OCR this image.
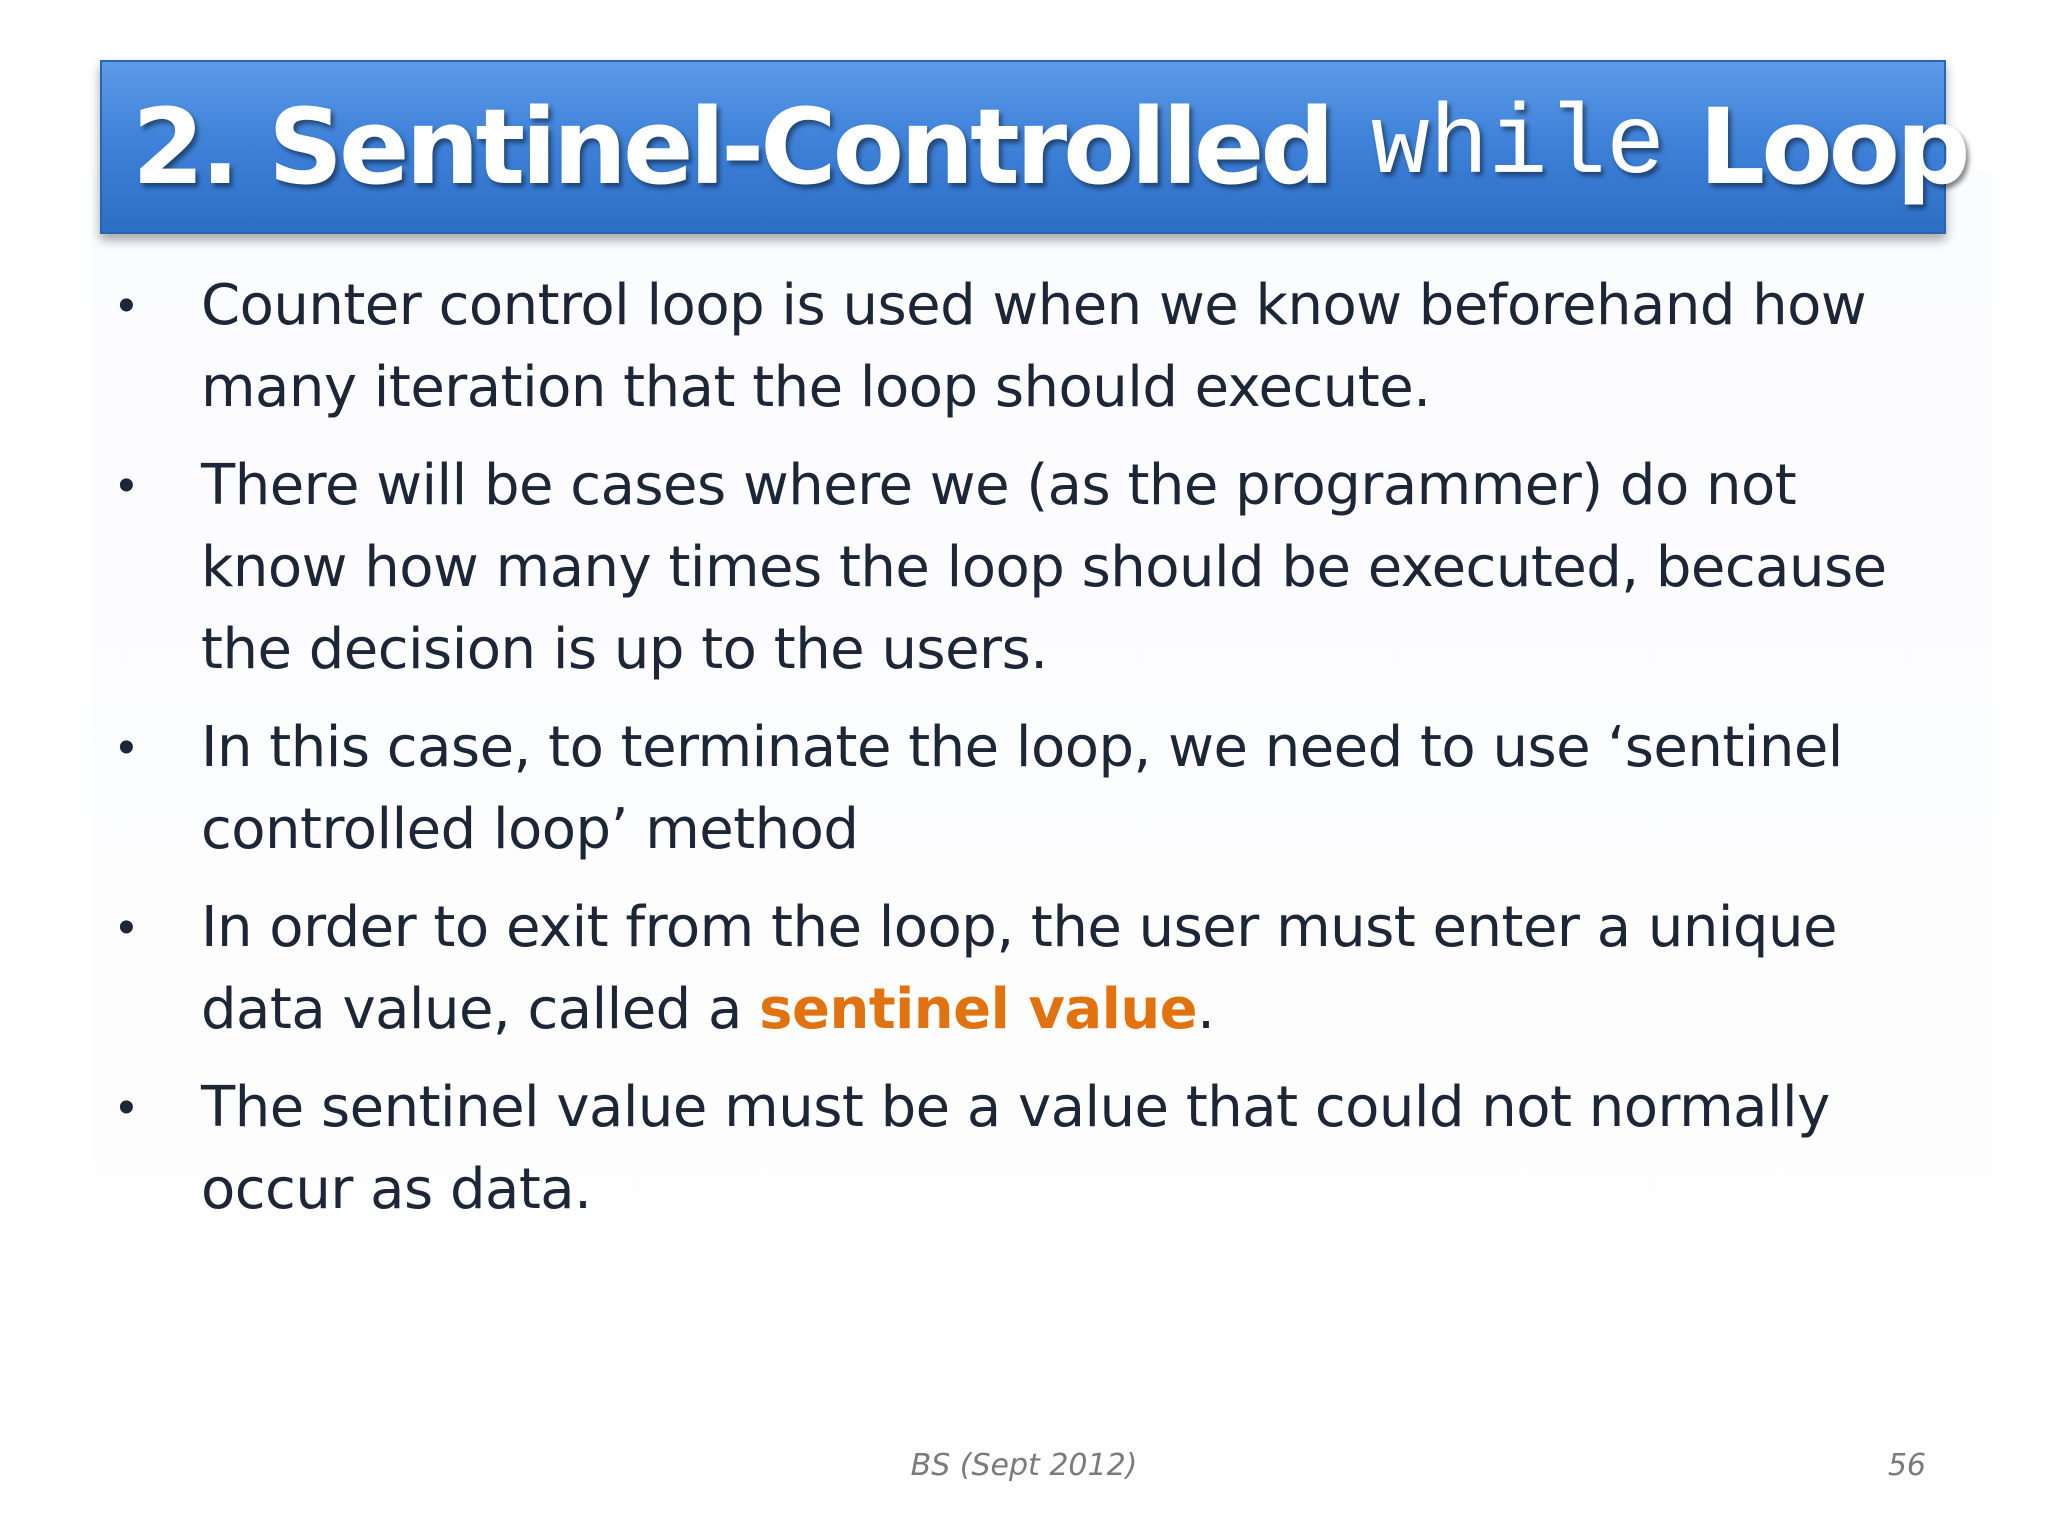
2. Sentinel-Controlled while Loop
•	Counter control loop is used when we know beforehand how many iteration that the loop should execute.
•	There will be cases where we (as the programmer) do not know how many times the loop should be executed, because the decision is up to the users.
•	In this case, to terminate the loop, we need to use ‘sentinel controlled loop’ method
•	In order to exit from the loop, the user must enter a unique data value, called a sentinel value.
•	The sentinel value must be a value that could not normally occur as data.
BS (Sept 2012)	56
